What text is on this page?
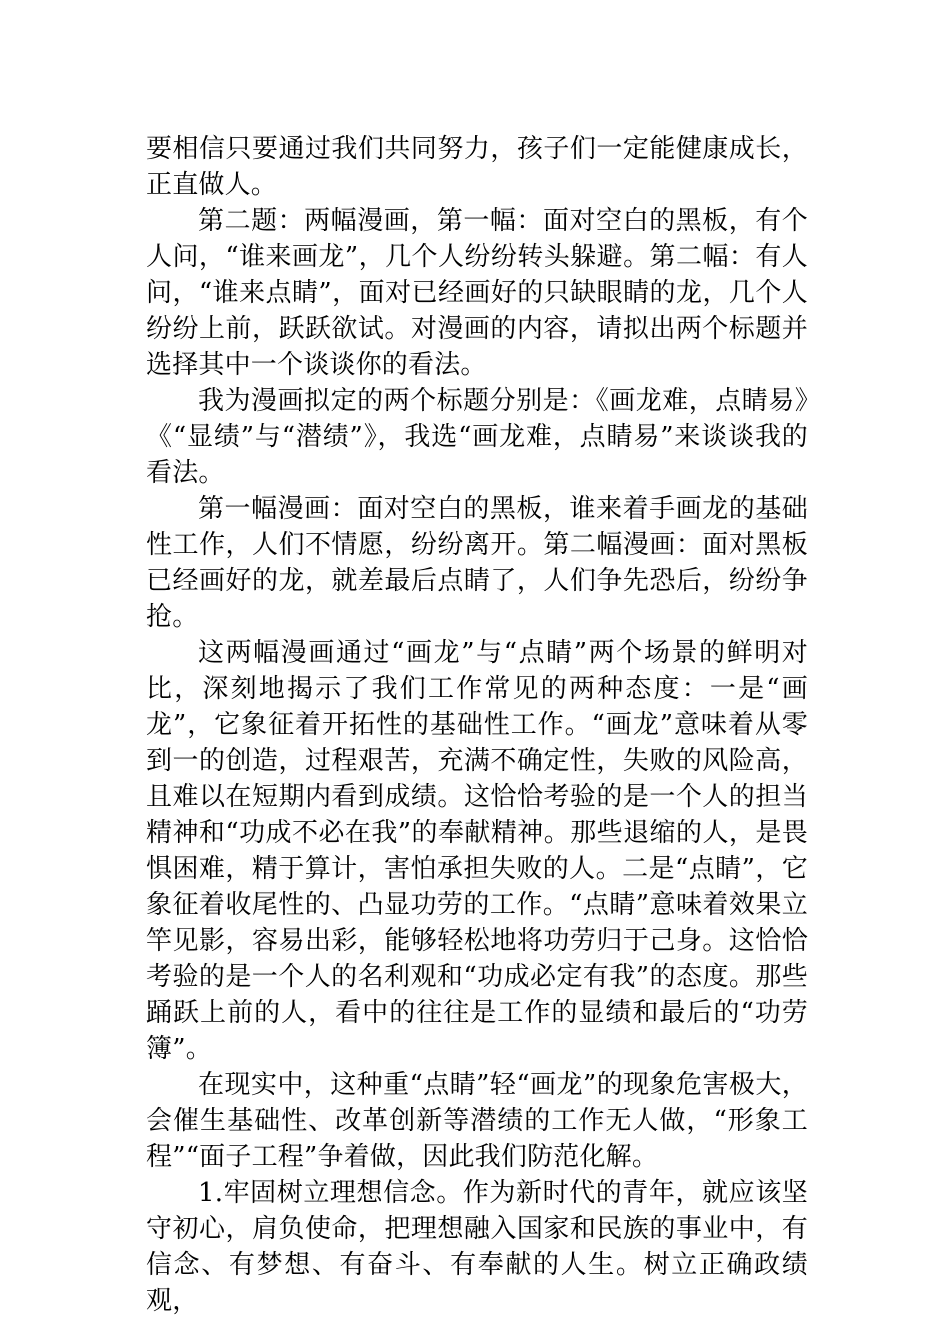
要相信只要通过我们共同努力，孩子们一定能健康成长，正直做人。

第二题：两幅漫画，第一幅：面对空白的黑板，有个人问，“谁来画龙”，几个人纷纷转头躲避。第二幅：有人问，“谁来点睛”，面对已经画好的只缺眼睛的龙，几个人纷纷上前，跃跃欲试。对漫画的内容，请拟出两个标题并选择其中一个谈谈你的看法。

我为漫画拟定的两个标题分别是：《画龙难，点睛易》《“显绩”与“潜绩”》，我选“画龙难，点睛易”来谈谈我的看法。

第一幅漫画：面对空白的黑板，谁来着手画龙的基础性工作，人们不情愿，纷纷离开。第二幅漫画：面对黑板已经画好的龙，就差最后点睛了，人们争先恐后，纷纷争抢。

这两幅漫画通过“画龙”与“点睛”两个场景的鲜明对比，深刻地揭示了我们工作常见的两种态度：一是“画龙”，它象征着开拓性的基础性工作。“画龙”意味着从零到一的创造，过程艰苦，充满不确定性，失败的风险高，且难以在短期内看到成绩。这恰恰考验的是一个人的担当精神和“功成不必在我”的奉献精神。那些退缩的人，是畏惧困难，精于算计，害怕承担失败的人。二是“点睛”，它象征着收尾性的、凸显功劳的工作。“点睛”意味着效果立竿见影，容易出彩，能够轻松地将功劳归于己身。这恰恰考验的是一个人的名利观和“功成必定有我”的态度。那些踊跃上前的人，看中的往往是工作的显绩和最后的“功劳簿”。

在现实中，这种重“点睛”轻“画龙”的现象危害极大，会催生基础性、改革创新等潜绩的工作无人做，“形象工程”“面子工程”争着做，因此我们防范化解。

1.牢固树立理想信念。作为新时代的青年，就应该坚守初心，肩负使命，把理想融入国家和民族的事业中，有信念、有梦想、有奋斗、有奉献的人生。树立正确政绩观，
